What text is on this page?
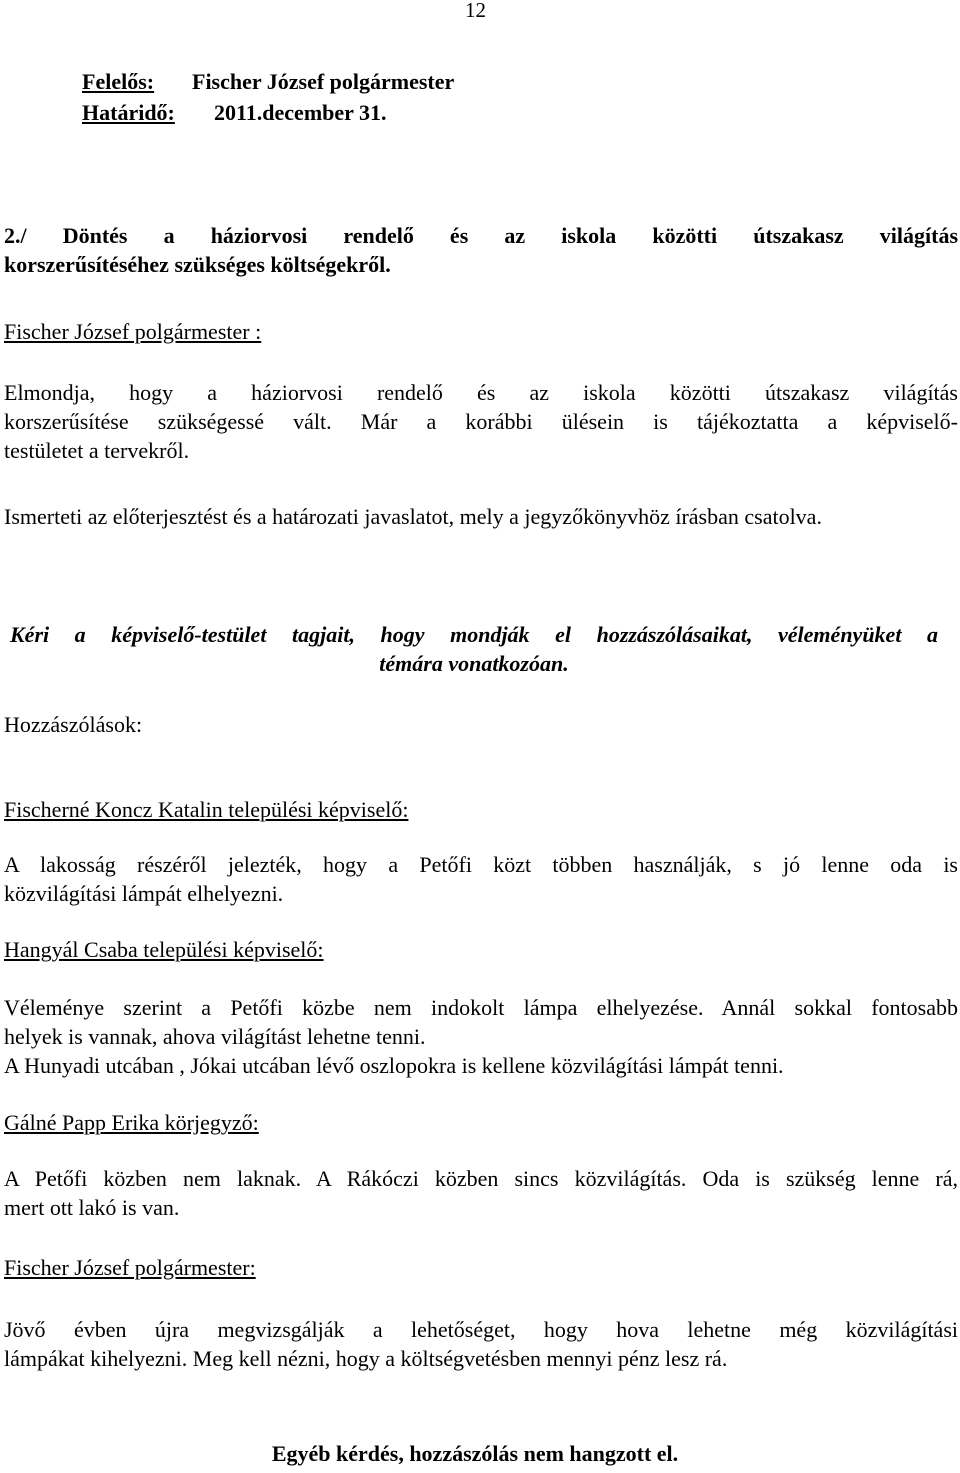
12

Felelős: Fischer József polgármester

Határidő: 2011.december 31.

2./ Döntés a háziorvosi rendelő és az iskola közötti útszakasz világítás
korszerűsítéséhez szükséges költségekről.

Fischer József polgármester :

Elmondja, hogy a háziorvosi rendelő és az iskola közötti útszakasz világítás
korszerűsítése szükségessé vált. Már a korábbi ülésein is tájékoztatta a képviselő-
testületet a tervekről.

Ismerteti az előterjesztést és a határozati javaslatot, mely a jegyzőkönyvhöz írásban csatolva.

Kéri a képviselő-testület tagjait, hogy mondják el hozzászólásaikat, véleményüket a
témára vonatkozóan.

Hozzászólások:

Fischerné Koncz Katalin települési képviselő:

A lakosság részéről jelezték, hogy a Petőfi közt többen használják, s jó lenne oda is
közvilágítási lámpát elhelyezni.

Hangyál Csaba települési képviselő:

Véleménye szerint a Petőfi közbe nem indokolt lámpa elhelyezése. Annál sokkal fontosabb
helyek is vannak, ahova világítást lehetne tenni.
A Hunyadi utcában , Jókai utcában lévő oszlopokra is kellene közvilágítási lámpát tenni.

Gálné Papp Erika körjegyző:

A Petőfi közben nem laknak. A Rákóczi közben sincs közvilágítás. Oda is szükség lenne rá,
mert ott lakó is van.

Fischer József polgármester:

Jövő évben újra megvizsgálják a lehetőséget, hogy hova lehetne még közvilágítási
lámpákat kihelyezni. Meg kell nézni, hogy a költségvetésben mennyi pénz lesz rá.

Egyéb kérdés, hozzászólás nem hangzott el.
